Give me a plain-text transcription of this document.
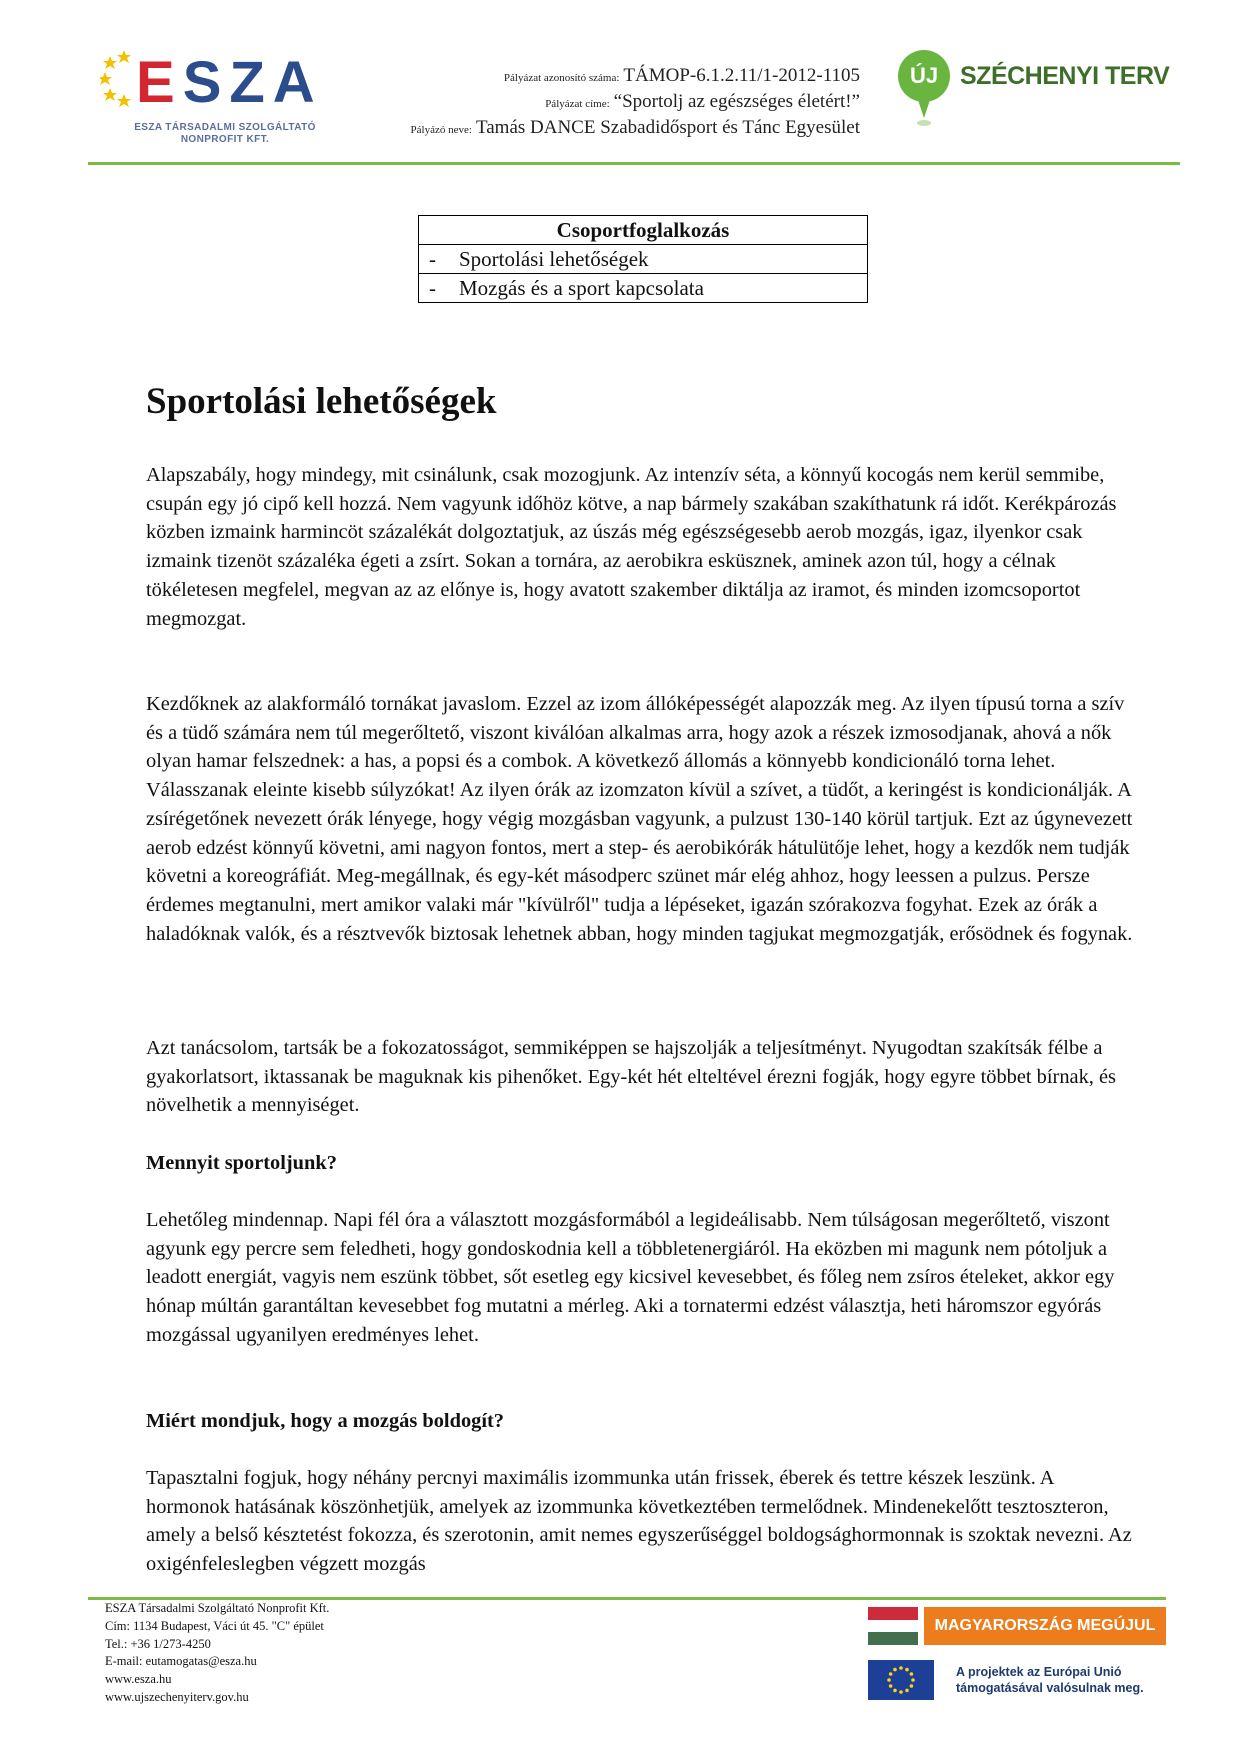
ESZA
ESZA TÁRSADALMI SZOLGÁLTATÓ
NONPROFIT KFT.
Pályázat azonosító száma: TÁMOP-6.1.2.11/1-2012-1105
Pályázat címe: “Sportolj az egészséges életért!”
Pályázó neve: Tamás DANCE Szabadidősport és Tánc Egyesület
ÚJ SZÉCHENYI TERV
Csoportfoglalkozás
- Sportolási lehetőségek
- Mozgás és a sport kapcsolata
Sportolási lehetőségek

Alapszabály, hogy mindegy, mit csinálunk, csak mozogjunk. Az intenzív séta, a könnyű kocogás nem kerül semmibe, csupán egy jó cipő kell hozzá. Nem vagyunk időhöz kötve, a nap bármely szakában szakíthatunk rá időt. Kerékpározás közben izmaink harmincöt százalékát dolgoztatjuk, az úszás még egészségesebb aerob mozgás, igaz, ilyenkor csak izmaink tizenöt százaléka égeti a zsírt. Sokan a tornára, az aerobikra esküsznek, aminek azon túl, hogy a célnak tökéletesen megfelel, megvan az az előnye is, hogy avatott szakember diktálja az iramot, és minden izomcsoportot megmozgat.

Kezdőknek az alakformáló tornákat javaslom. Ezzel az izom állóképességét alapozzák meg. Az ilyen típusú torna a szív és a tüdő számára nem túl megerőltető, viszont kiválóan alkalmas arra, hogy azok a részek izmosodjanak, ahová a nők olyan hamar felszednek: a has, a popsi és a combok. A következő állomás a könnyebb kondicionáló torna lehet. Válasszanak eleinte kisebb súlyzókat! Az ilyen órák az izomzaton kívül a szívet, a tüdőt, a keringést is kondicionálják. A zsírégetőnek nevezett órák lényege, hogy végig mozgásban vagyunk, a pulzust 130-140 körül tartjuk. Ezt az úgynevezett aerob edzést könnyű követni, ami nagyon fontos, mert a step- és aerobikórák hátulütője lehet, hogy a kezdők nem tudják követni a koreográfiát. Meg-megállnak, és egy-két másodperc szünet már elég ahhoz, hogy leessen a pulzus. Persze érdemes megtanulni, mert amikor valaki már "kívülről" tudja a lépéseket, igazán szórakozva fogyhat. Ezek az órák a haladóknak valók, és a résztvevők biztosak lehetnek abban, hogy minden tagjukat megmozgatják, erősödnek és fogynak.

Azt tanácsolom, tartsák be a fokozatosságot, semmiképpen se hajszolják a teljesítményt. Nyugodtan szakítsák félbe a gyakorlatsort, iktassanak be maguknak kis pihenőket. Egy-két hét elteltével érezni fogják, hogy egyre többet bírnak, és növelhetik a mennyiséget.

Mennyit sportoljunk?

Lehetőleg mindennap. Napi fél óra a választott mozgásformából a legideálisabb. Nem túlságosan megerőltető, viszont agyunk egy percre sem feledheti, hogy gondoskodnia kell a többletenergiáról. Ha eközben mi magunk nem pótoljuk a leadott energiát, vagyis nem eszünk többet, sőt esetleg egy kicsivel kevesebbet, és főleg nem zsíros ételeket, akkor egy hónap múltán garantáltan kevesebbet fog mutatni a mérleg. Aki a tornatermi edzést választja, heti háromszor egyórás mozgással ugyanilyen eredményes lehet.

Miért mondjuk, hogy a mozgás boldogít?

Tapasztalni fogjuk, hogy néhány percnyi maximális izommunka után frissek, éberek és tettre készek leszünk. A hormonok hatásának köszönhetjük, amelyek az izommunka következtében termelődnek. Mindenekelőtt tesztoszteron, amely a belső késztetést fokozza, és szerotonin, amit nemes egyszerűséggel boldogsághormonnak is szoktak nevezni. Az oxigénfeleslegben végzett mozgás

ESZA Társadalmi Szolgáltató Nonprofit Kft.
Cím: 1134 Budapest, Váci út 45. "C" épület
Tel.: +36 1/273-4250
E-mail: eutamogatas@esza.hu
www.esza.hu
www.ujszechenyiterv.gov.hu
MAGYARORSZÁG MEGÚJUL
A projektek az Európai Unió
támogatásával valósulnak meg.
